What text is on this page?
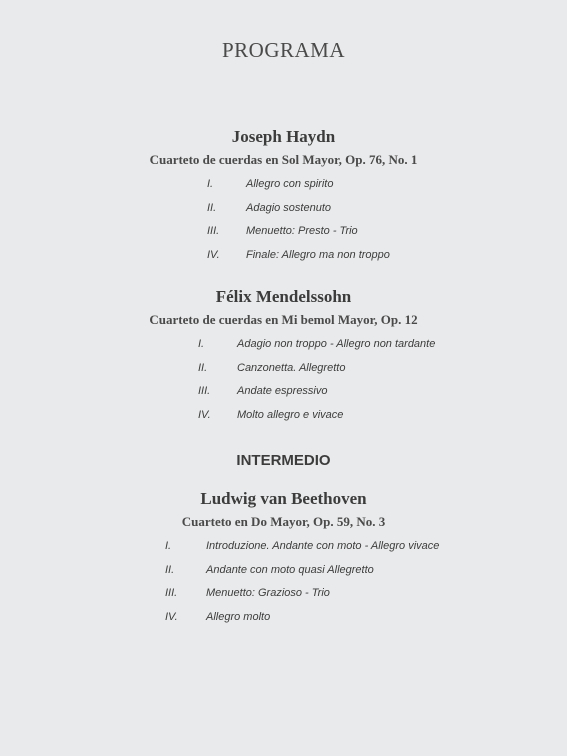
PROGRAMA
Joseph Haydn
Cuarteto de cuerdas en Sol Mayor, Op. 76, No. 1
I.	Allegro con spirito
II.	Adagio sostenuto
III. Menuetto: Presto - Trio
IV. Finale: Allegro ma non troppo
Félix Mendelssohn
Cuarteto de cuerdas en Mi bemol Mayor, Op. 12
I.	Adagio non troppo - Allegro non tardante
II.	Canzonetta. Allegretto
III. Andate espressivo
IV. Molto allegro e vivace
INTERMEDIO
Ludwig van Beethoven
Cuarteto en Do Mayor, Op. 59, No. 3
I.	Introduzione. Andante con moto - Allegro vivace
II.	Andante con moto quasi Allegretto
III.	Menuetto: Grazioso - Trio
IV.	Allegro molto
